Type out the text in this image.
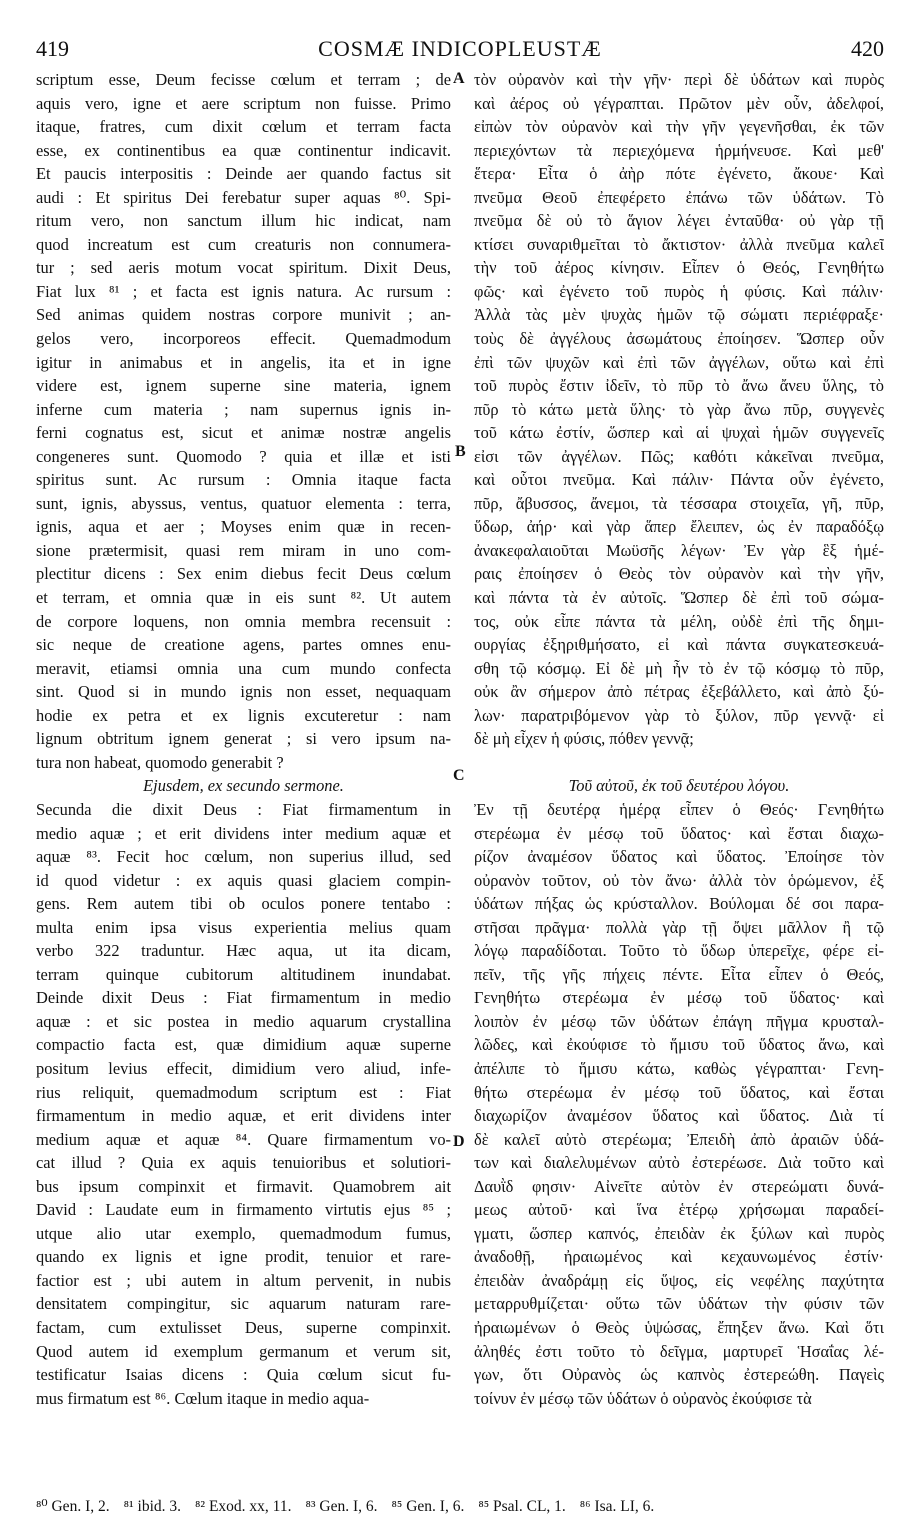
419	COSMÆ INDICOPLEUSTÆ	420
scriptum esse, Deum fecisse cœlum et terram ; de
aquis vero, igne et aere scriptum non fuisse. Primo
itaque, fratres, cum dixit cœlum et terram facta
esse, ex continentibus ea quæ continentur indicavit.
Et paucis interpositis : Deinde aer quando factus sit
audi : Et spiritus Dei ferebatur super aquas ⁸⁰. Spi-
ritum vero, non sanctum illum hic indicat, nam
quod increatum est cum creaturis non connumera-
tur ; sed aeris motum vocat spiritum. Dixit Deus,
Fiat lux ⁸¹ ; et facta est ignis natura. Ac rursum :
Sed animas quidem nostras corpore munivit ; an-
gelos vero, incorporeos effecit. Quemadmodum
igitur in animabus et in angelis, ita et in igne
videre est, ignem superne sine materia, ignem
inferne cum materia ; nam supernus ignis in-
ferni cognatus est, sicut et animæ nostræ angelis
congeneres sunt. Quomodo ? quia et illæ et isti
spiritus sunt. Ac rursum : Omnia itaque facta
sunt, ignis, abyssus, ventus, quatuor elementa : terra,
ignis, aqua et aer ; Moyses enim quæ in recen-
sione prætermisit, quasi rem miram in uno com-
plectitur dicens : Sex enim diebus fecit Deus cœlum
et terram, et omnia quæ in eis sunt ⁸². Ut autem
de corpore loquens, non omnia membra recensuit :
sic neque de creatione agens, partes omnes enu-
meravit, etiamsi omnia una cum mundo confecta
sint. Quod si in mundo ignis non esset, nequaquam
hodie ex petra et ex lignis excuteretur : nam
lignum obtritum ignem generat ; si vero ipsum na-
tura non habeat, quomodo generabit ?
Ejusdem, ex secundo sermone.
Secunda die dixit Deus : Fiat firmamentum in
medio aquæ ; et erit dividens inter medium aquæ et
aquæ ⁸³. Fecit hoc cœlum, non superius illud, sed
id quod videtur : ex aquis quasi glaciem compin-
gens. Rem autem tibi ob oculos ponere tentabo :
multa enim ipsa visus experientia melius quam
verbo 322 traduntur. Hæc aqua, ut ita dicam,
terram quinque cubitorum altitudinem inundabat.
Deinde dixit Deus : Fiat firmamentum in medio
aquæ : et sic postea in medio aquarum crystallina
compactio facta est, quæ dimidium aquæ superne
positum levius effecit, dimidium vero aliud, infe-
rius reliquit, quemadmodum scriptum est : Fiat
firmamentum in medio aquæ, et erit dividens inter
medium aquæ et aquæ ⁸⁴. Quare firmamentum vo-
cat illud ? Quia ex aquis tenuioribus et solutiori-
bus ipsum compinxit et firmavit. Quamobrem ait
David : Laudate eum in firmamento virtutis ejus ⁸⁵ ;
utque alio utar exemplo, quemadmodum fumus,
quando ex lignis et igne prodit, tenuior et rare-
factior est ; ubi autem in altum pervenit, in nubis
densitatem compingitur, sic aquarum naturam rare-
factam, cum extulisset Deus, superne compinxit.
Quod autem id exemplum germanum et verum sit,
testificatur Isaias dicens : Quia cœlum sicut fu-
mus firmatum est ⁸⁶. Cœlum itaque in medio aqua-
τὸν οὐρανὸν καὶ τὴν γῆν· περὶ δὲ ὑδάτων καὶ πυρὸς
καὶ ἀέρος οὐ γέγραπται. Πρῶτον μὲν οὖν, ἀδελφοί,
εἰπὼν τὸν οὐρανὸν καὶ τὴν γῆν γεγενῆσθαι, ἐκ τῶν
περιεχόντων τὰ περιεχόμενα ἡρμήνευσε. Καὶ μεθ'
ἕτερα· Εἶτα ὁ ἀὴρ πότε ἐγένετο, ἄκουε· Καὶ
πνεῦμα Θεοῦ ἐπεφέρετο ἐπάνω τῶν ὑδάτων. Τὸ
πνεῦμα δὲ οὐ τὸ ἅγιον λέγει ἐνταῦθα· οὐ γὰρ τῇ
κτίσει συναριθμεῖται τὸ ἄκτιστον· ἀλλὰ πνεῦμα καλεῖ
τὴν τοῦ ἀέρος κίνησιν. Εἶπεν ὁ Θεός, Γενηθήτω
φῶς· καὶ ἐγένετο τοῦ πυρὸς ἡ φύσις. Καὶ πάλιν·
Ἀλλὰ τὰς μὲν ψυχὰς ἡμῶν τῷ σώματι περιέφραξε·
τοὺς δὲ ἀγγέλους ἀσωμάτους ἐποίησεν. Ὥσπερ οὖν
ἐπὶ τῶν ψυχῶν καὶ ἐπὶ τῶν ἀγγέλων, οὕτω καὶ ἐπὶ
τοῦ πυρὸς ἔστιν ἰδεῖν, τὸ πῦρ τὸ ἄνω ἄνευ ὕλης, τὸ
πῦρ τὸ κάτω μετὰ ὕλης· τὸ γὰρ ἄνω πῦρ, συγγενὲς
τοῦ κάτω ἐστίν, ὥσπερ καὶ αἱ ψυχαὶ ἡμῶν συγγενεῖς
εἰσι τῶν ἀγγέλων. Πῶς; καθότι κἀκεῖναι πνεῦμα,
καὶ οὗτοι πνεῦμα. Καὶ πάλιν· Πάντα οὖν ἐγένετο,
πῦρ, ἄβυσσος, ἄνεμοι, τὰ τέσσαρα στοιχεῖα, γῆ, πῦρ,
ὕδωρ, ἀήρ· καὶ γὰρ ἅπερ ἔλειπεν, ὡς ἐν παραδόξῳ
ἀνακεφαλαιοῦται Μωϋσῆς λέγων· Ἐν γὰρ ἓξ ἡμέ-
ραις ἐποίησεν ὁ Θεὸς τὸν οὐρανὸν καὶ τὴν γῆν,
καὶ πάντα τὰ ἐν αὐτοῖς. Ὥσπερ δὲ ἐπὶ τοῦ σώμα-
τος, οὐκ εἶπε πάντα τὰ μέλη, οὐδὲ ἐπὶ τῆς δημι-
ουργίας ἐξηριθμήσατο, εἰ καὶ πάντα συγκατεσκευά-
σθη τῷ κόσμῳ. Εἰ δὲ μὴ ἦν τὸ ἐν τῷ κόσμῳ τὸ πῦρ,
οὐκ ἂν σήμερον ἀπὸ πέτρας ἐξεβάλλετο, καὶ ἀπὸ ξύ-
λων· παρατριβόμενον γὰρ τὸ ξύλον, πῦρ γεννᾷ· εἰ
δὲ μὴ εἶχεν ἡ φύσις, πόθεν γεννᾷ;
Τοῦ αὐτοῦ, ἐκ τοῦ δευτέρου λόγου.
Ἐν τῇ δευτέρᾳ ἡμέρᾳ εἶπεν ὁ Θεός· Γενηθήτω
στερέωμα ἐν μέσῳ τοῦ ὕδατος· καὶ ἔσται διαχω-
ρίζον ἀναμέσον ὕδατος καὶ ὕδατος. Ἐποίησε τὸν
οὐρανὸν τοῦτον, οὐ τὸν ἄνω· ἀλλὰ τὸν ὁρώμενον, ἐξ
ὑδάτων πήξας ὡς κρύσταλλον. Βούλομαι δέ σοι παρα-
στῆσαι πρᾶγμα· πολλὰ γὰρ τῇ ὄψει μᾶλλον ἢ τῷ
λόγῳ παραδίδοται. Τοῦτο τὸ ὕδωρ ὑπερεῖχε, φέρε εἰ-
πεῖν, τῆς γῆς πήχεις πέντε. Εἶτα εἶπεν ὁ Θεός,
Γενηθήτω στερέωμα ἐν μέσῳ τοῦ ὕδατος· καὶ
λοιπὸν ἐν μέσῳ τῶν ὑδάτων ἐπάγη πῆγμα κρυσταλ-
λῶδες, καὶ ἐκούφισε τὸ ἥμισυ τοῦ ὕδατος ἄνω, καὶ
ἀπέλιπε τὸ ἥμισυ κάτω, καθὼς γέγραπται· Γενη-
θήτω στερέωμα ἐν μέσῳ τοῦ ὕδατος, καὶ ἔσται
διαχωρίζον ἀναμέσον ὕδατος καὶ ὕδατος. Διὰ τί
δὲ καλεῖ αὐτὸ στερέωμα; Ἐπειδὴ ἀπὸ ἀραιῶν ὑδά-
των καὶ διαλελυμένων αὐτὸ ἐστερέωσε. Διὰ τοῦτο καὶ
Δαυῒδ φησιν· Αἰνεῖτε αὐτὸν ἐν στερεώματι δυνά-
μεως αὐτοῦ· καὶ ἵνα ἑτέρῳ χρήσωμαι παραδεί-
γματι, ὥσπερ καπνός, ἐπειδὰν ἐκ ξύλων καὶ πυρὸς
ἀναδοθῇ, ἠραιωμένος καὶ κεχαυνωμένος ἐστίν·
ἐπειδὰν ἀναδράμῃ εἰς ὕψος, εἰς νεφέλης παχύτητα
μεταρρυθμίζεται· οὕτω τῶν ὑδάτων τὴν φύσιν τῶν
ἠραιωμένων ὁ Θεὸς ὑψώσας, ἔπηξεν ἄνω. Καὶ ὅτι
ἀληθές ἐστι τοῦτο τὸ δεῖγμα, μαρτυρεῖ Ἡσαΐας λέ-
γων, ὅτι Οὐρανὸς ὡς καπνὸς ἐστερεώθη. Παγεὶς
τοίνυν ἐν μέσῳ τῶν ὑδάτων ὁ οὐρανὸς ἐκούφισε τὰ
A
B
C
D
⁸⁰ Gen. I, 2. ⁸¹ ibid. 3. ⁸² Exod. xx, 11. ⁸³ Gen. I, 6. ⁸⁵ Gen. I, 6. ⁸⁵ Psal. CL, 1. ⁸⁶ Isa. LI, 6.
